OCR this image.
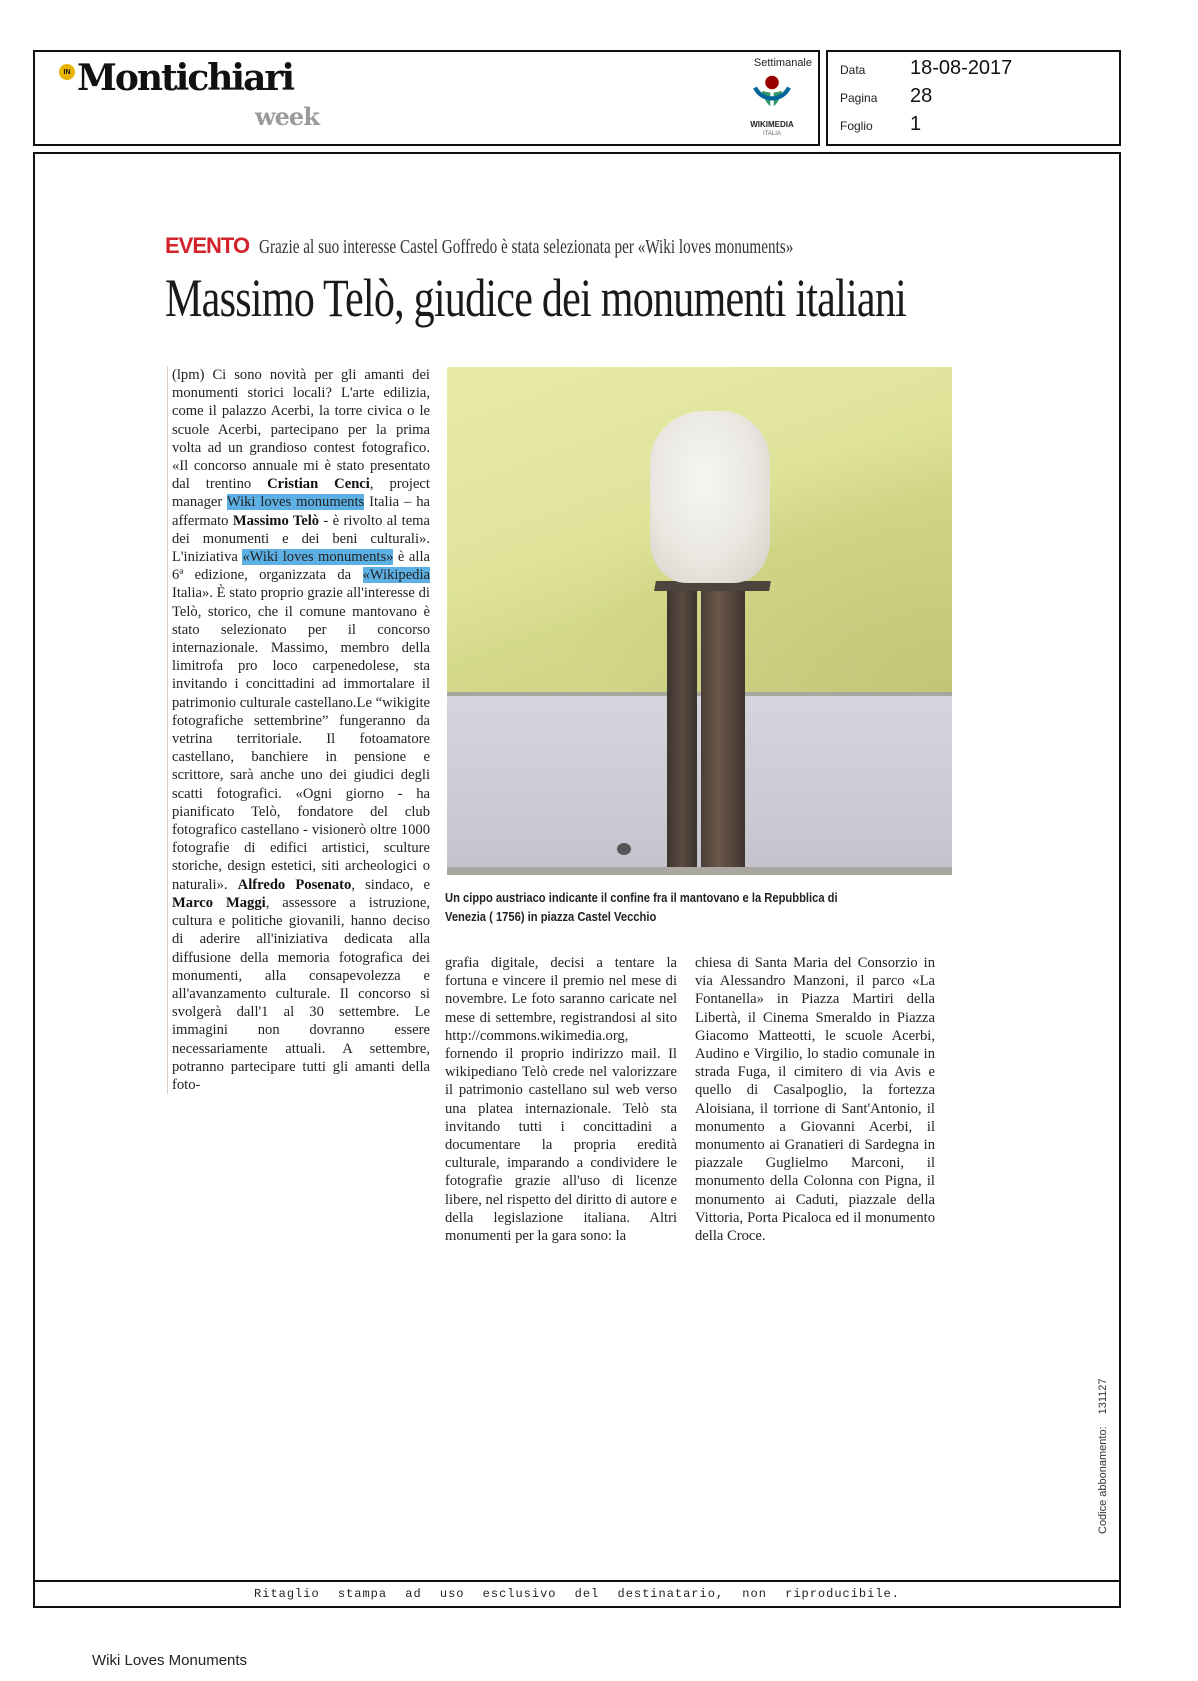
IN Montichiari
week
Settimanale
WIKIMEDIA
ITALIA
Data	18-08-2017
Pagina	28
Foglio	1
EVENTO Grazie al suo interesse Castel Goffredo è stata selezionata per «Wiki loves monuments»
Massimo Telò, giudice dei monumenti italiani
(lpm) Ci sono novità per gli amanti dei monumenti storici locali? L'arte edilizia, come il palazzo Acerbi, la torre civica o le scuole Acerbi, partecipano per la prima volta ad un grandioso contest fotografico. «Il concorso annuale mi è stato presentato dal trentino Cristian Cenci, project manager Wiki loves monuments Italia – ha affermato Massimo Telò - è rivolto al tema dei monumenti e dei beni culturali». L'iniziativa «Wiki loves monuments» è alla 6ª edizione, organizzata da «Wikipedia Italia». È stato proprio grazie all'interesse di Telò, storico, che il comune mantovano è stato selezionato per il concorso internazionale. Massimo, membro della limitrofa pro loco carpenedolese, sta invitando i concittadini ad immortalare il patrimonio culturale castellano.Le “wikigite fotografiche settembrine” fungeranno da vetrina territoriale. Il fotoamatore castellano, banchiere in pensione e scrittore, sarà anche uno dei giudici degli scatti fotografici. «Ogni giorno - ha pianificato Telò, fondatore del club fotografico castellano - visionerò oltre 1000 fotografie di edifici artistici, sculture storiche, design estetici, siti archeologici o naturali». Alfredo Posenato, sindaco, e Marco Maggi, assessore a istruzione, cultura e politiche giovanili, hanno deciso di aderire all'iniziativa dedicata alla diffusione della memoria fotografica dei monumenti, alla consapevolezza e all'avanzamento culturale. Il concorso si svolgerà dall'1 al 30 settembre. Le immagini non dovranno essere necessariamente attuali. A settembre, potranno partecipare tutti gli amanti della foto-
Un cippo austriaco indicante il confine fra il mantovano e la Repubblica di
Venezia ( 1756) in piazza Castel Vecchio
grafia digitale, decisi a tentare la fortuna e vincere il premio nel mese di novembre. Le foto saranno caricate nel mese di settembre, registrandosi al sito http://commons.wikimedia.org, fornendo il proprio indirizzo mail. Il wikipediano Telò crede nel valorizzare il patrimonio castellano sul web verso una platea internazionale. Telò sta invitando tutti i concittadini a documentare la propria eredità culturale, imparando a condividere le fotografie grazie all'uso di licenze libere, nel rispetto del diritto di autore e della legislazione italiana. Altri monumenti per la gara sono: la
chiesa di Santa Maria del Consorzio in via Alessandro Manzoni, il parco «La Fontanella» in Piazza Martiri della Libertà, il Cinema Smeraldo in Piazza Giacomo Matteotti, le scuole Acerbi, Audino e Virgilio, lo stadio comunale in strada Fuga, il cimitero di via Avis e quello di Casalpoglio, la fortezza Aloisiana, il torrione di Sant'Antonio, il monumento a Giovanni Acerbi, il monumento ai Granatieri di Sardegna in piazzale Guglielmo Marconi, il monumento della Colonna con Pigna, il monumento ai Caduti, piazzale della Vittoria, Porta Picaloca ed il monumento della Croce.
Codice abbonamento:131127
Ritaglio stampa ad uso esclusivo del destinatario, non riproducibile.
Wiki Loves Monuments
